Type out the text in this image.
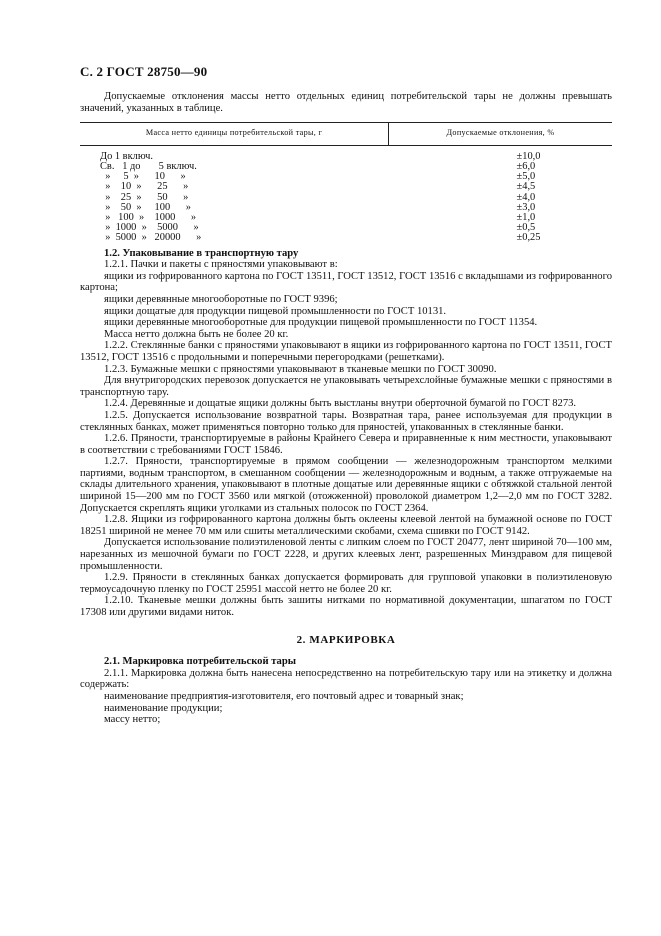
С. 2 ГОСТ 28750—90

Допускаемые отклонения массы нетто отдельных единиц потребительской тары не должны превышать значений, указанных в таблице.

Масса нетто единицы потребительской тары, г	Допускаемые отклонения, %
До 1 включ.	±10,0
Св.   1 до       5 включ.	±6,0
»     5  »      10      »	±5,0
»    10  »      25      »	±4,5
»    25  »      50      »	±4,0
»    50  »     100      »	±3,0
»   100  »    1000      »	±1,0
»  1000  »    5000      »	±0,5
»  5000  »   20000      »	±0,25

1.2. Упаковывание в транспортную тару

1.2.1. Пачки и пакеты с пряностями упаковывают в:

ящики из гофрированного картона по ГОСТ 13511, ГОСТ 13512, ГОСТ 13516 с вкладышами из гофрированного картона;

ящики деревянные многооборотные по ГОСТ 9396;

ящики дощатые для продукции пищевой промышленности по ГОСТ 10131.

ящики деревянные многооборотные для продукции пищевой промышленности по ГОСТ 11354.

Масса нетто должна быть не более 20 кг.

1.2.2. Стеклянные банки с пряностями упаковывают в ящики из гофрированного картона по ГОСТ 13511, ГОСТ 13512, ГОСТ 13516 с продольными и поперечными перегородками (решетками).

1.2.3. Бумажные мешки с пряностями упаковывают в тканевые мешки по ГОСТ 30090.

Для внутригородских перевозок допускается не упаковывать четырехслойные бумажные мешки с пряностями в транспортную тару.

1.2.4. Деревянные и дощатые ящики должны быть выстланы внутри оберточной бумагой по ГОСТ 8273.

1.2.5. Допускается использование возвратной тары. Возвратная тара, ранее используемая для продукции в стеклянных банках, может применяться повторно только для пряностей, упакованных в стеклянные банки.

1.2.6. Пряности, транспортируемые в районы Крайнего Севера и приравненные к ним местности, упаковывают в соответствии с требованиями ГОСТ 15846.

1.2.7. Пряности, транспортируемые в прямом сообщении — железнодорожным транспортом мелкими партиями, водным транспортом, в смешанном сообщении — железнодорожным и водным, а также отгружаемые на склады длительного хранения, упаковывают в плотные дощатые или деревянные ящики с обтяжкой стальной лентой шириной 15—200 мм по ГОСТ 3560 или мягкой (отожженной) проволокой диаметром 1,2—2,0 мм по ГОСТ 3282. Допускается скреплять ящики уголками из стальных полосок по ГОСТ 2364.

1.2.8. Ящики из гофрированного картона должны быть оклеены клеевой лентой на бумажной основе по ГОСТ 18251 шириной не менее 70 мм или сшиты металлическими скобами, схема сшивки по ГОСТ 9142.

Допускается использование полиэтиленовой ленты с липким слоем по ГОСТ 20477, лент шириной 70—100 мм, нарезанных из мешочной бумаги по ГОСТ 2228, и других клеевых лент, разрешенных Минздравом для пищевой промышленности.

1.2.9. Пряности в стеклянных банках допускается формировать для групповой упаковки в полиэтиленовую термоусадочную пленку по ГОСТ 25951 массой нетто не более 20 кг.

1.2.10. Тканевые мешки должны быть зашиты нитками по нормативной документации, шпагатом по ГОСТ 17308 или другими видами ниток.

2. МАРКИРОВКА

2.1. Маркировка потребительской тары

2.1.1. Маркировка должна быть нанесена непосредственно на потребительскую тару или на этикетку и должна содержать:

наименование предприятия-изготовителя, его почтовый адрес и товарный знак;

наименование продукции;

массу нетто;
